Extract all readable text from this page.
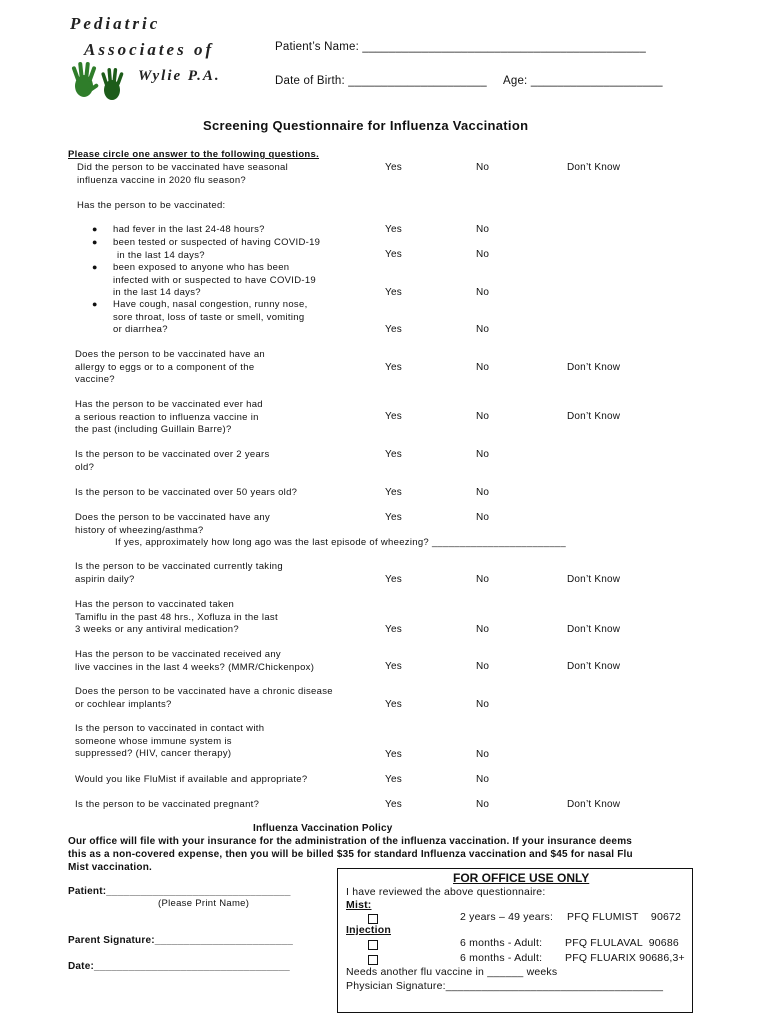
Pediatric
Associates of
Wylie P.A.
Patient’s Name: ___________________________________________
Date of Birth: _____________________ Age: ____________________
Screening Questionnaire for Influenza Vaccination
Please circle one answer to the following questions.
Did the person to be vaccinated have seasonal
influenza vaccine in 2020 flu season?
Yes	No	Don’t Know
Has the person to be vaccinated:
● had fever in the last 24-48 hours?	Yes	No
● been tested or suspected of having COVID-19
in the last 14 days?	Yes	No
● been exposed to anyone who has been
infected with or suspected to have COVID-19
in the last 14 days?	Yes	No
● Have cough, nasal congestion, runny nose,
sore throat, loss of taste or smell, vomiting
or diarrhea?	Yes	No
Does the person to be vaccinated have an
allergy to eggs or to a component of the
vaccine?
Yes	No	Don’t Know
Has the person to be vaccinated ever had
a serious reaction to influenza vaccine in
the past (including Guillain Barre)?
Yes	No	Don’t Know
Is the person to be vaccinated over 2 years
old?
Yes	No
Is the person to be vaccinated over 50 years old?	Yes	No
Does the person to be vaccinated have any
history of wheezing/asthma?
Yes	No
If yes, approximately how long ago was the last episode of wheezing? ________________________
Is the person to be vaccinated currently taking
aspirin daily?	Yes	No	Don’t Know
Has the person to vaccinated taken
Tamiflu in the past 48 hrs., Xofluza in the last
3 weeks or any antiviral medication?	Yes	No	Don’t Know
Has the person to be vaccinated received any
live vaccines in the last 4 weeks? (MMR/Chickenpox)	Yes	No	Don’t Know
Does the person to be vaccinated have a chronic disease
or cochlear implants?	Yes	No
Is the person to vaccinated in contact with
someone whose immune system is
suppressed? (HIV, cancer therapy)	Yes	No
Would you like FluMist if available and appropriate?	Yes	No
Is the person to be vaccinated pregnant?	Yes	No	Don’t Know
Influenza Vaccination Policy
Our office will file with your insurance for the administration of the influenza vaccination. If your insurance deems
this as a non-covered expense, then you will be billed $35 for standard Influenza vaccination and $45 for nasal Flu
Mist vaccination.
Patient:________________________________
(Please Print Name)
Parent Signature:________________________
Date:__________________________________
FOR OFFICE USE ONLY
I have reviewed the above questionnaire:
Mist:
2 years – 49 years: PFQ FLUMIST    90672
Injection
6 months - Adult: PFQ FLULAVAL  90686
6 months - Adult: PFQ FLUARIX 90686,3+
Needs another flu vaccine in ______ weeks
Physician Signature:____________________________________
